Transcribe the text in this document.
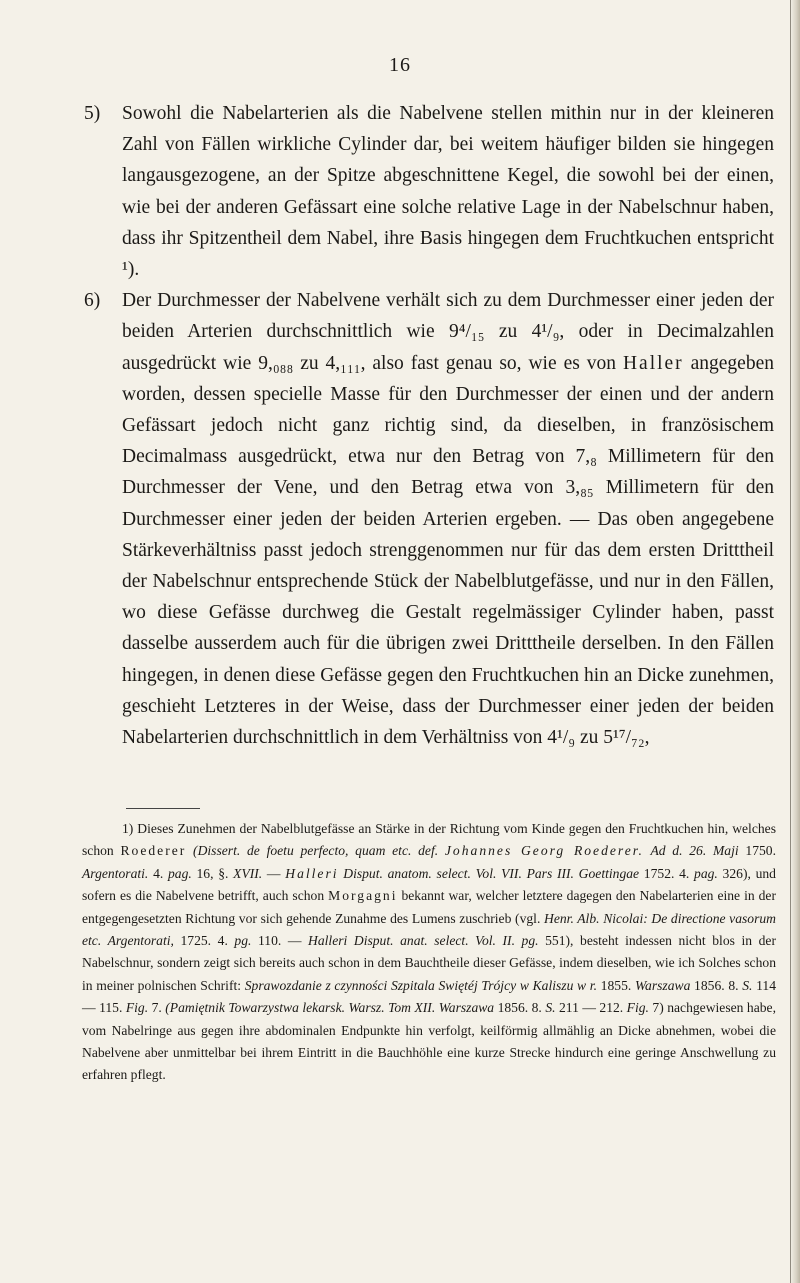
16

5) Sowohl die Nabelarterien als die Nabelvene stellen mithin nur in der kleineren Zahl von Fällen wirkliche Cylinder dar, bei weitem häufiger bilden sie hingegen langausgezogene, an der Spitze abgeschnittene Kegel, die sowohl bei der einen, wie bei der anderen Gefässart eine solche relative Lage in der Nabelschnur haben, dass ihr Spitzentheil dem Nabel, ihre Basis hingegen dem Fruchtkuchen entspricht ¹).

6) Der Durchmesser der Nabelvene verhält sich zu dem Durchmesser einer jeden der beiden Arterien durchschnittlich wie 9⁴/₁₅ zu 4¹/₉, oder in Decimalzahlen ausgedrückt wie 9,₀₈₈ zu 4,₁₁₁, also fast genau so, wie es von Haller angegeben worden, dessen specielle Masse für den Durchmesser der einen und der andern Gefässart jedoch nicht ganz richtig sind, da dieselben, in französischem Decimalmass ausgedrückt, etwa nur den Betrag von 7,₈ Millimetern für den Durchmesser der Vene, und den Betrag etwa von 3,₈₅ Millimetern für den Durchmesser einer jeden der beiden Arterien ergeben. — Das oben angegebene Stärkeverhältniss passt jedoch strenggenommen nur für das dem ersten Dritttheil der Nabelschnur entsprechende Stück der Nabelblutgefässe, und nur in den Fällen, wo diese Gefässe durchweg die Gestalt regelmässiger Cylinder haben, passt dasselbe ausserdem auch für die übrigen zwei Dritttheile derselben. In den Fällen hingegen, in denen diese Gefässe gegen den Fruchtkuchen hin an Dicke zunehmen, geschieht Letzteres in der Weise, dass der Durchmesser einer jeden der beiden Nabelarterien durchschnittlich in dem Verhältniss von 4¹/₉ zu 5¹⁷/₇₂,

1) Dieses Zunehmen der Nabelblutgefässe an Stärke in der Richtung vom Kinde gegen den Fruchtkuchen hin, welches schon Roederer (Dissert. de foetu perfecto, quam etc. def. Johannes Georg Roederer. Ad d. 26. Maji 1750. Argentorati. 4. pag. 16, §. XVII. — Halleri Disput. anatom. select. Vol. VII. Pars III. Goettingae 1752. 4. pag. 326), und sofern es die Nabelvene betrifft, auch schon Morgagni bekannt war, welcher letztere dagegen den Nabelarterien eine in der entgegengesetzten Richtung vor sich gehende Zunahme des Lumens zuschrieb (vgl. Henr. Alb. Nicolai: De directione vasorum etc. Argentorati, 1725. 4. pg. 110. — Halleri Disput. anat. select. Vol. II. pg. 551), besteht indessen nicht blos in der Nabelschnur, sondern zeigt sich bereits auch schon in dem Bauchtheile dieser Gefässe, indem dieselben, wie ich Solches schon in meiner polnischen Schrift: Sprawozdanie z czynności Szpitala Swiętéj Trójcy w Kaliszu w r. 1855. Warszawa 1856. 8. S. 114 — 115. Fig. 7. (Pamiętnik Towarzystwa lekarsk. Warsz. Tom XII. Warszawa 1856. 8. S. 211 — 212. Fig. 7) nachgewiesen habe, vom Nabelringe aus gegen ihre abdominalen Endpunkte hin verfolgt, keilförmig allmählig an Dicke abnehmen, wobei die Nabelvene aber unmittelbar bei ihrem Eintritt in die Bauchhöhle eine kurze Strecke hindurch eine geringe Anschwellung zu erfahren pflegt.
